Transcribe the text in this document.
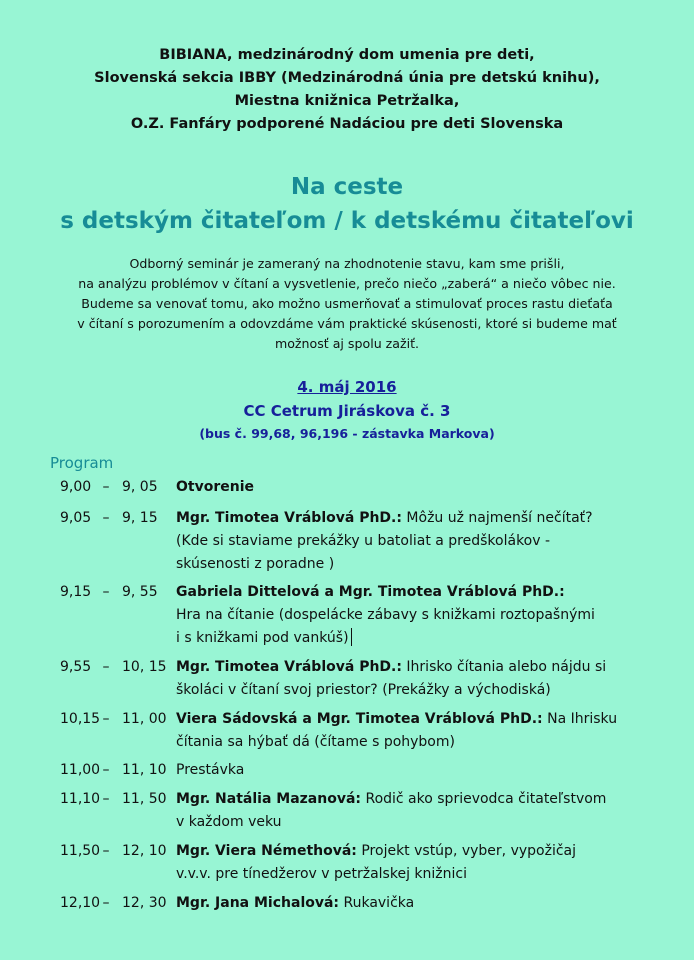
BIBIANA, medzinárodný dom umenia pre deti,
Slovenská sekcia IBBY (Medzinárodná únia pre detskú knihu),
Miestna knižnica Petržalka,
O.Z. Fanfáry podporené Nadáciou pre deti Slovenska
Na ceste
s detským čitateľom / k detskému čitateľovi
Odborný seminár je zameraný na zhodnotenie stavu, kam sme prišli,
na analýzu problémov v čítaní a vysvetlenie, prečo niečo „zaberá“ a niečo vôbec nie.
Budeme sa venovať tomu, ako možno usmerňovať a stimulovať proces rastu dieťaťa
v čítaní s porozumením a odovzdáme vám praktické skúsenosti, ktoré si budeme mať
možnosť aj spolu zažiť.
4. máj 2016
CC Cetrum Jiráskova č. 3
(bus č. 99,68, 96,196 - zástavka Markova)
Program
9,00 – 9, 05	Otvorenie
9,05 – 9, 15	Mgr. Timotea Vráblová PhD.: Môžu už najmenší nečítať?
(Kde si staviame prekážky u batoliat a predškolákov -
skúsenosti z poradne )
9,15 – 9, 55	Gabriela Dittelová a Mgr. Timotea Vráblová PhD.:
Hra na čítanie (dospelácke zábavy s knižkami roztopašnými
i s knižkami pod vankúš)
9,55 – 10, 15 Mgr. Timotea Vráblová PhD.: Ihrisko čítania alebo nájdu si
školáci v čítaní svoj priestor? (Prekážky a východiská)
10,15 – 11, 00 Viera Sádovská a Mgr. Timotea Vráblová PhD.: Na Ihrisku
čítania sa hýbať dá (čítame s pohybom)
11,00 – 11, 10 Prestávka
11,10 – 11, 50 Mgr. Natália Mazanová: Rodič ako sprievodca čitateľstvom
v každom veku
11,50 – 12, 10 Mgr. Viera Némethová: Projekt vstúp, vyber, vypožičaj
v.v.v. pre tínedžerov v petržalskej knižnici
12,10 – 12, 30 Mgr. Jana Michalová: Rukavička
